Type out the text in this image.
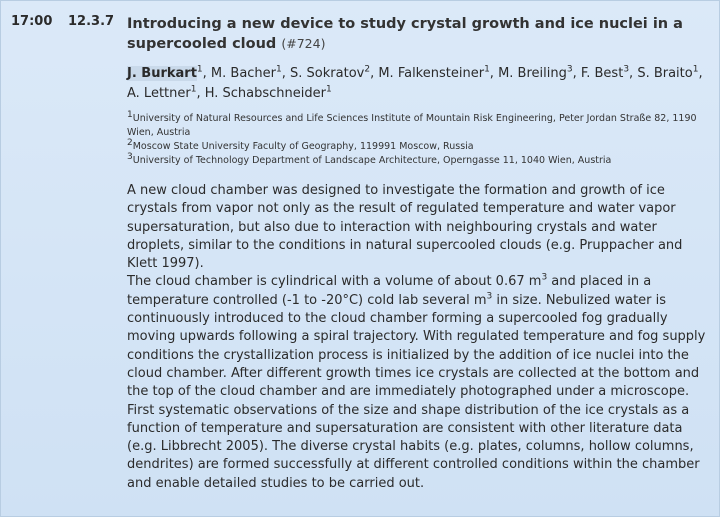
17:00 12.3.7 Introducing a new device to study crystal growth and ice nuclei in a supercooled cloud (#724)
J. Burkart$^1$, M. Bacher$^1$, S. Sokratov$^2$, M. Falkensteiner$^1$, M. Breiling$^3$, F. Best$^3$, S. Braito$^1$, A. Lettner$^1$, H. Schabschneider$^1$
$^1$University of Natural Resources and Life Sciences Institute of Mountain Risk Engineering, Peter Jordan Straße 82, 1190 Wien, Austria
$^2$Moscow State University Faculty of Geography, 119991 Moscow, Russia
$^3$University of Technology Department of Landscape Architecture, Operngasse 11, 1040 Wien, Austria

A new cloud chamber was designed to investigate the formation and growth of ice crystals from vapor not only as the result of regulated temperature and water vapor supersaturation, but also due to interaction with neighbouring crystals and water droplets, similar to the conditions in natural supercooled clouds (e.g. Pruppacher and Klett 1997).

The cloud chamber is cylindrical with a volume of about 0.67 $m^3$ and placed in a temperature controlled (-1 to -20°C) cold lab several $m^3$ in size. Nebulized water is continuously introduced to the cloud chamber forming a supercooled fog gradually moving upwards following a spiral trajectory. With regulated temperature and fog supply conditions the crystallization process is initialized by the addition of ice nuclei into the cloud chamber. After different growth times ice crystals are collected at the bottom and the top of the cloud chamber and are immediately photographed under a microscope.

First systematic observations of the size and shape distribution of the ice crystals as a function of temperature and supersaturation are consistent with other literature data (e.g. Libbrecht 2005). The diverse crystal habits (e.g. plates, columns, hollow columns, dendrites) are formed successfully at different controlled conditions within the chamber and enable detailed studies to be carried out.
